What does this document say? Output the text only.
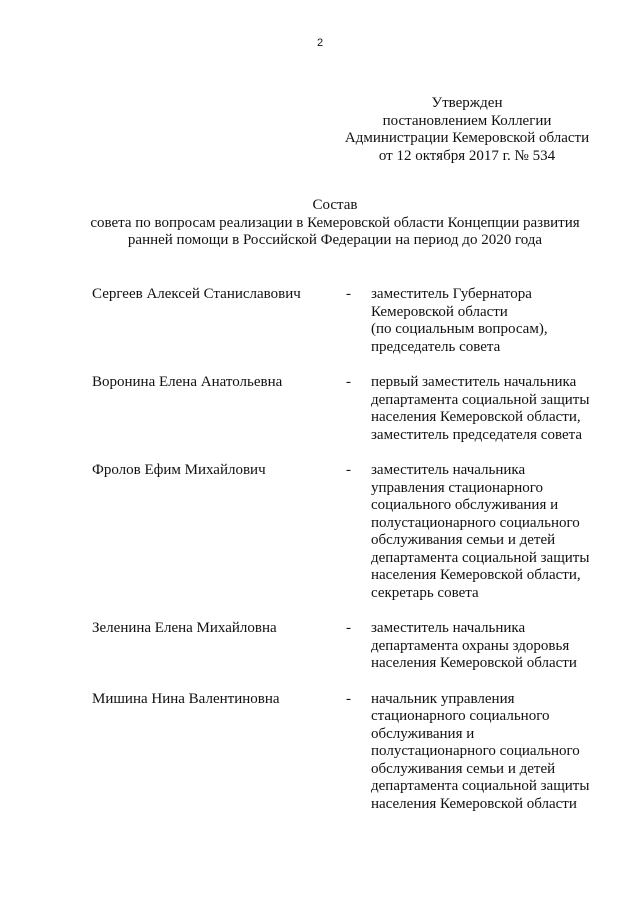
2
Утвержден
постановлением Коллегии
Администрации Кемеровской области
от 12 октября 2017 г. № 534
Состав
совета по вопросам реализации в Кемеровской области Концепции развития
ранней помощи в Российской Федерации на период до 2020 года
Сергеев Алексей Станиславович	-	заместитель Губернатора
Кемеровской области
(по социальным вопросам),
председатель совета
Воронина Елена Анатольевна	-	первый заместитель начальника
департамента социальной защиты
населения Кемеровской области,
заместитель председателя совета
Фролов Ефим Михайлович	-	заместитель начальника
управления стационарного
социального обслуживания и
полустационарного социального
обслуживания семьи и детей
департамента социальной защиты
населения Кемеровской области,
секретарь совета
Зеленина Елена Михайловна	-	заместитель начальника
департамента охраны здоровья
населения Кемеровской области
Мишина Нина Валентиновна	-	начальник управления
стационарного социального
обслуживания и
полустационарного социального
обслуживания семьи и детей
департамента социальной защиты
населения Кемеровской области
